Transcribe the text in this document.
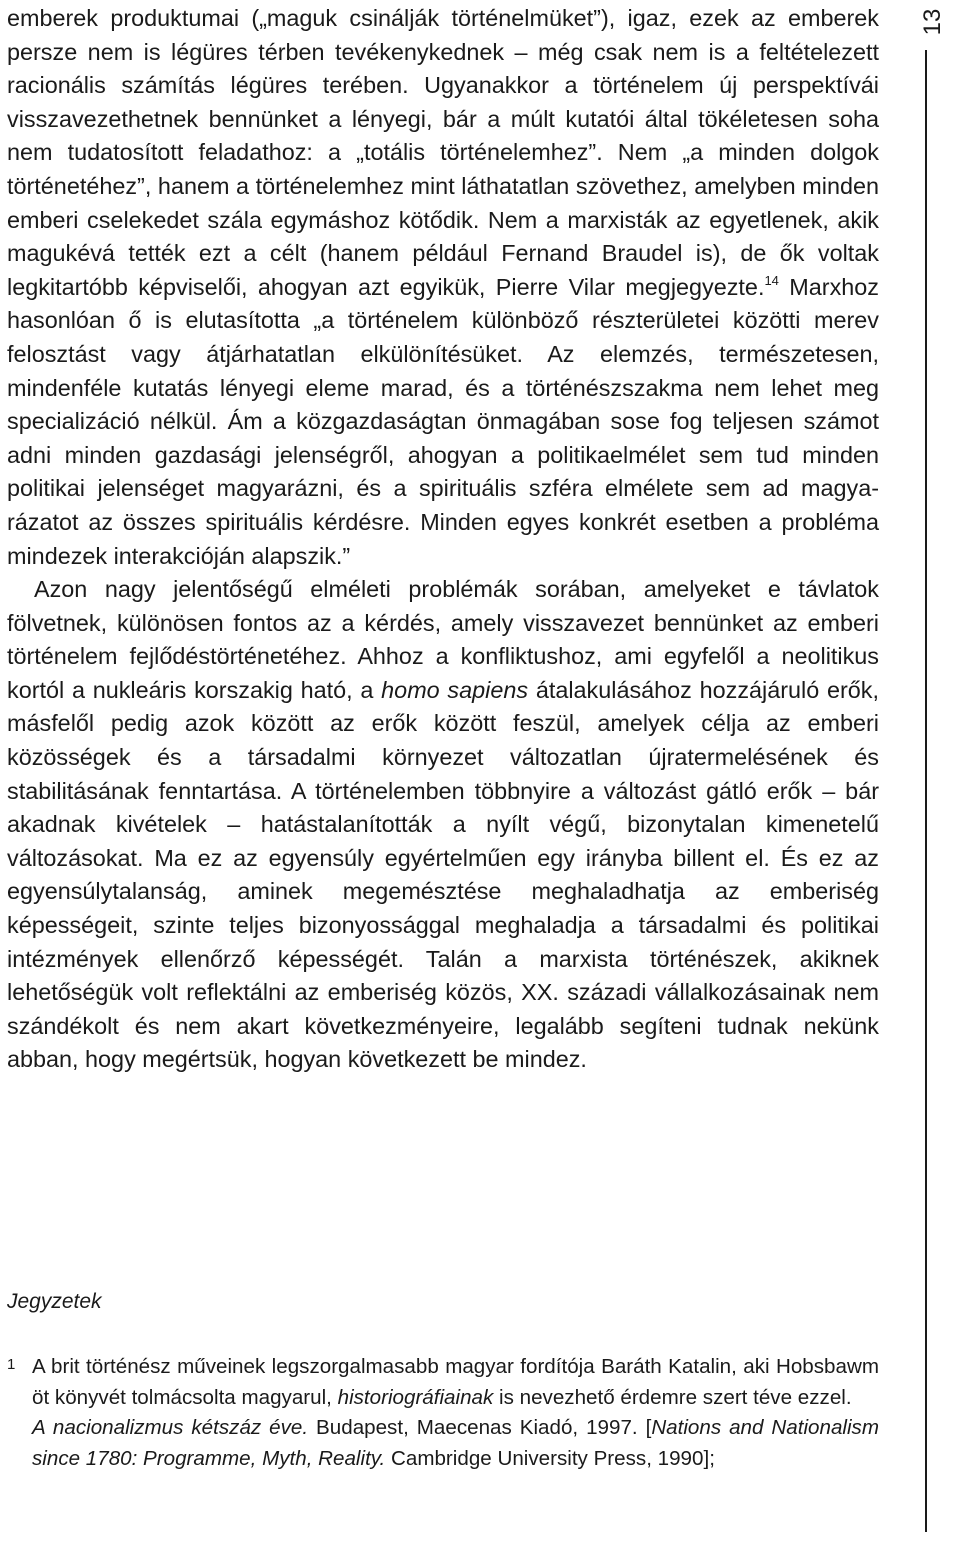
13

emberek produktumai („maguk csinálják történelmüket”), igaz, ezek az emberek persze nem is légüres térben tevékenykednek – még csak nem is a feltételezett racionális számítás légüres terében. Ugyanakkor a történelem új perspektívái visszavezethetnek bennünket a lényegi, bár a múlt kutatói által tökéletesen soha nem tudatosított feladathoz: a „totális történelemhez”. Nem „a minden dolgok történetéhez”, hanem a történelemhez mint láthatatlan szövethez, amelyben minden emberi cselekedet szála egymáshoz kötődik. Nem a marxisták az egyetlenek, akik magukévá tették ezt a célt (hanem például Fernand Braudel is), de ők voltak legkitartóbb képviselői, ahogyan azt egyikük, Pierre Vilar megjegyezte.$^{14}$ Marxhoz hasonlóan ő is elutasította „a történelem különböző részterületei közötti merev felosztást vagy átjárhatatlan elkülönítésüket. Az elemzés, természetesen, mindenféle kutatás lényegi eleme marad, és a történészszakma nem lehet meg specializáció nélkül. Ám a közgazdaságtan önmagában sose fog teljesen számot adni minden gazdasági jelenségről, ahogyan a politikaelmélet sem tud minden politikai jelenséget magyarázni, és a spirituális szféra elmélete sem ad magyarázatot az összes spirituális kérdésre. Minden egyes konkrét esetben a probléma mindezek interakcióján alapszik.”

Azon nagy jelentőségű elméleti problémák sorában, amelyeket e távlatok fölvetnek, különösen fontos az a kérdés, amely visszavezet bennünket az emberi történelem fejlődéstörténetéhez. Ahhoz a konfliktushoz, ami egyfelől a neolitikus kortól a nukleáris korszakig ható, a homo sapiens átalakulásához hozzájáruló erők, másfelől pedig azok között az erők között feszül, amelyek célja az emberi közösségek és a társadalmi környezet változatlan újratermelésének és stabilitásának fenntartása. A történelemben többnyire a változást gátló erők – bár akadnak kivételek – hatástalanították a nyílt végű, bizonytalan kimenetelű változásokat. Ma ez az egyensúly egyértelműen egy irányba billent el. És ez az egyensúlytalanság, aminek megemésztése meghaladhatja az emberiség képességeit, szinte teljes bizonyossággal meghaladja a társadalmi és politikai intézmények ellenőrző képességét. Talán a marxista történészek, akiknek lehetőségük volt reflektálni az emberiség közös, XX. századi vállalkozásainak nem szándékolt és nem akart következményeire, legalább segíteni tudnak nekünk abban, hogy megértsük, hogyan következett be mindez.

Jegyzetek
1 A brit történész műveinek legszorgalmasabb magyar fordítója Baráth Katalin, aki Hobsbawm öt könyvét tolmácsolta magyarul, historiográfiainak is nevezhető érdemre szert téve ezzel.
A nacionalizmus kétszáz éve. Budapest, Maecenas Kiadó, 1997. [Nations and Nationalism since 1780: Programme, Myth, Reality. Cambridge University Press, 1990];
